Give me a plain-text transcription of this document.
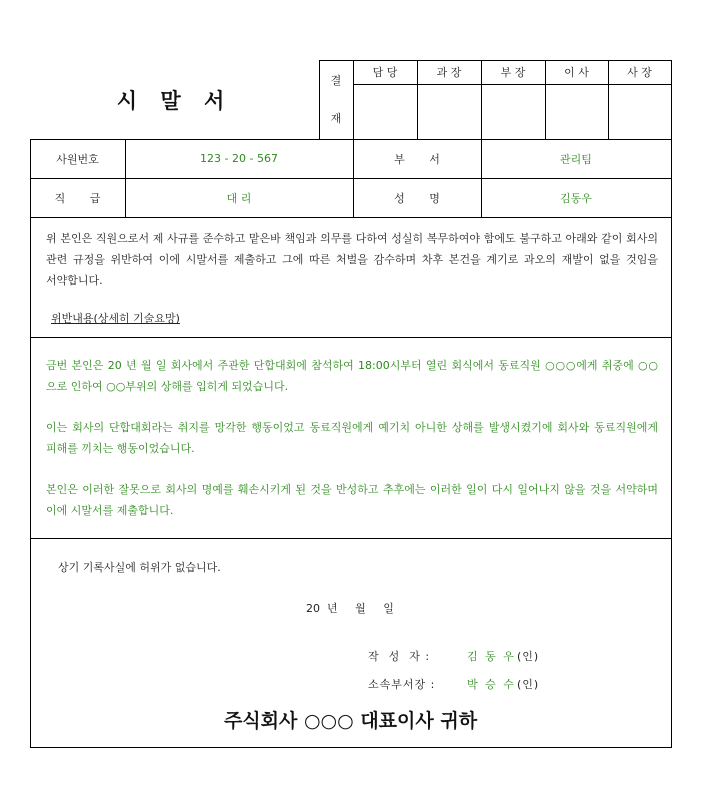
시 말 서
결
재
담 당	과 장	부 장	이 사	사 장
사원번호	123 - 20 - 567	부       서	관리팀
직       급	대 리	성       명	김동우
위 본인은 직원으로서 제 사규를 준수하고 맡은바 책임과 의무를 다하여 성실히 복무하여야 함에도 불구하고 아래와 같이 회사의 관련 규정을 위반하여 이에 시말서를 제출하고 그에 따른 처벌을 감수하며 차후 본건을 계기로 과오의 재발이 없을 것임을 서약합니다.
위반내용(상세히 기술요망)
금번 본인은 20 년 월 일 회사에서 주관한 단합대회에 참석하여 18:00시부터 열린 회식에서 동료직원 ○○○에게 취중에 ○○으로 인하여 ○○부위의 상해를 입히게 되었습니다.
이는 회사의 단합대회라는 취지를 망각한 행동이었고 동료직원에게 예기치 아니한 상해를 발생시켰기에 회사와 동료직원에게 피해를 끼치는 행동이었습니다.
본인은 이러한 잘못으로 회사의 명예를 훼손시키게 된 것을 반성하고 추후에는 이러한 일이 다시 일어나지 않을 것을 서약하며 이에 시말서를 제출합니다.
상기 기록사실에 허위가 없습니다.
20  년     월     일
작  성  자 :	김 동 우 (인)
소속부서장 :	박 승 수 (인)
주식회사 ○○○ 대표이사 귀하
